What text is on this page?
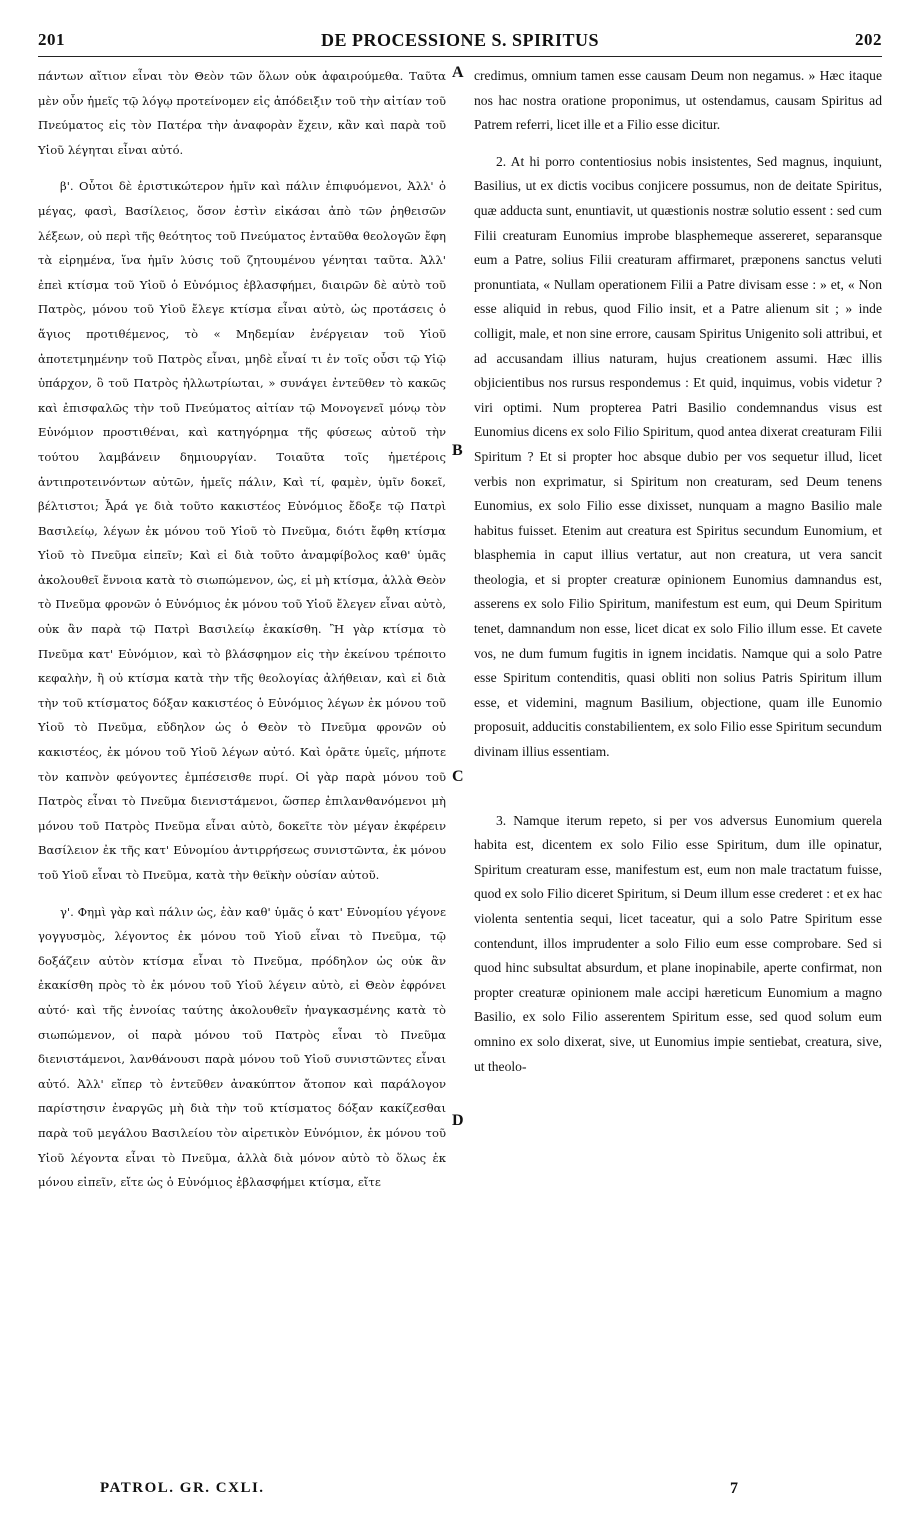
201	DE PROCESSIONE S. SPIRITUS	202

πάντων αἴτιον εἶναι τὸν Θεὸν τῶν ὅλων οὐκ ἀφαιρούμεθα. Ταῦτα μὲν οὖν ἡμεῖς τῷ λόγῳ προτείνομεν εἰς ἀπόδειξιν τοῦ τὴν αἰτίαν τοῦ Πνεύματος εἰς τὸν Πατέρα τὴν ἀναφορὰν ἔχειν, κἂν καὶ παρὰ τοῦ Υἱοῦ λέγηται εἶναι αὐτό.

β'. Οὗτοι δὲ ἐριστικώτερον ἡμῖν καὶ πάλιν ἐπιφυόμενοι, Ἀλλ' ὁ μέγας, φασὶ, Βασίλειος, ὅσον ἐστὶν εἰκάσαι ἀπὸ τῶν ῥηθεισῶν λέξεων, οὐ περὶ τῆς θεότητος τοῦ Πνεύματος ἐνταῦθα θεολογῶν ἔφη τὰ εἰρημένα, ἵνα ἡμῖν λύσις τοῦ ζητουμένου γένηται ταῦτα. Ἀλλ' ἐπεὶ κτίσμα τοῦ Υἱοῦ ὁ Εὐνόμιος ἐβλασφήμει, διαιρῶν δὲ αὐτὸ τοῦ Πατρὸς, μόνου τοῦ Υἱοῦ ἔλεγε κτίσμα εἶναι αὐτὸ, ὡς προτάσεις ὁ ἅγιος προτιθέμενος, τὸ « Μηδεμίαν ἐνέργειαν τοῦ Υἱοῦ ἀποτετμημένην τοῦ Πατρὸς εἶναι, μηδὲ εἶναί τι ἐν τοῖς οὖσι τῷ Υἱῷ ὑπάρχον, ὃ τοῦ Πατρὸς ἠλλωτρίωται, » συνάγει ἐντεῦθεν τὸ κακῶς καὶ ἐπισφαλῶς τὴν τοῦ Πνεύματος αἰτίαν τῷ Μονογενεῖ μόνῳ τὸν Εὐνόμιον προστιθέναι, καὶ κατηγόρημα τῆς φύσεως αὐτοῦ τὴν τούτου λαμβάνειν δημιουργίαν. Τοιαῦτα τοῖς ἡμετέροις ἀντιπροτεινόντων αὐτῶν, ἡμεῖς πάλιν, Καὶ τί, φαμὲν, ὑμῖν δοκεῖ, βέλτιστοι; Ἆρά γε διὰ τοῦτο κακιστέος Εὐνόμιος ἔδοξε τῷ Πατρὶ Βασιλείῳ, λέγων ἐκ μόνου τοῦ Υἱοῦ τὸ Πνεῦμα, διότι ἔφθη κτίσμα Υἱοῦ τὸ Πνεῦμα εἰπεῖν; Καὶ εἰ διὰ τοῦτο ἀναμφίβολος καθ' ὑμᾶς ἀκολουθεῖ ἔννοια κατὰ τὸ σιωπώμενον, ὡς, εἰ μὴ κτίσμα, ἀλλὰ Θεὸν τὸ Πνεῦμα φρονῶν ὁ Εὐνόμιος ἐκ μόνου τοῦ Υἱοῦ ἔλεγεν εἶναι αὐτὸ, οὐκ ἂν παρὰ τῷ Πατρὶ Βασιλείῳ ἐκακίσθη. Ἢ γὰρ κτίσμα τὸ Πνεῦμα κατ' Εὐνόμιον, καὶ τὸ βλάσφημον εἰς τὴν ἐκείνου τρέποιτο κεφαλὴν, ἢ οὐ κτίσμα κατὰ τὴν τῆς θεολογίας ἀλήθειαν, καὶ εἰ διὰ τὴν τοῦ κτίσματος δόξαν κακιστέος ὁ Εὐνόμιος λέγων ἐκ μόνου τοῦ Υἱοῦ τὸ Πνεῦμα, εὔδηλον ὡς ὁ Θεὸν τὸ Πνεῦμα φρονῶν οὐ κακιστέος, ἐκ μόνου τοῦ Υἱοῦ λέγων αὐτό. Καὶ ὁρᾶτε ὑμεῖς, μήποτε τὸν καπνὸν φεύγοντες ἐμπέσεισθε πυρί. Οἱ γὰρ παρὰ μόνου τοῦ Πατρὸς εἶναι τὸ Πνεῦμα διενιστάμενοι, ὥσπερ ἐπιλανθανόμενοι μὴ μόνου τοῦ Πατρὸς Πνεῦμα εἶναι αὐτὸ, δοκεῖτε τὸν μέγαν ἐκφέρειν Βασίλειον ἐκ τῆς κατ' Εὐνομίου ἀντιρρήσεως συνιστῶντα, ἐκ μόνου τοῦ Υἱοῦ εἶναι τὸ Πνεῦμα, κατὰ τὴν θεϊκὴν οὐσίαν αὐτοῦ.

γ'. Φημὶ γὰρ καὶ πάλιν ὡς, ἐὰν καθ' ὑμᾶς ὁ κατ' Εὐνομίου γέγονε γογγυσμὸς, λέγοντος ἐκ μόνου τοῦ Υἱοῦ εἶναι τὸ Πνεῦμα, τῷ δοξάζειν αὐτὸν κτίσμα εἶναι τὸ Πνεῦμα, πρόδηλον ὡς οὐκ ἂν ἐκακίσθη πρὸς τὸ ἐκ μόνου τοῦ Υἱοῦ λέγειν αὐτὸ, εἰ Θεὸν ἐφρόνει αὐτό· καὶ τῆς ἐννοίας ταύτης ἀκολουθεῖν ἠναγκασμένης κατὰ τὸ σιωπώμενον, οἱ παρὰ μόνου τοῦ Πατρὸς εἶναι τὸ Πνεῦμα διενιστάμενοι, λανθάνουσι παρὰ μόνου τοῦ Υἱοῦ συνιστῶντες εἶναι αὐτό. Ἀλλ' εἴπερ τὸ ἐντεῦθεν ἀνακύπτον ἄτοπον καὶ παράλογον παρίστησιν ἐναργῶς μὴ διὰ τὴν τοῦ κτίσματος δόξαν κακίζεσθαι παρὰ τοῦ μεγάλου Βασιλείου τὸν αἱρετικὸν Εὐνόμιον, ἐκ μόνου τοῦ Υἱοῦ λέγοντα εἶναι τὸ Πνεῦμα, ἀλλὰ διὰ μόνον αὐτὸ τὸ ὅλως ἐκ μόνου εἰπεῖν, εἴτε ὡς ὁ Εὐνόμιος ἐβλασφήμει κτίσμα, εἴτε

A
B
C
D

credimus, omnium tamen esse causam Deum non negamus. » Hæc itaque nos hac nostra oratione proponimus, ut ostendamus, causam Spiritus ad Patrem referri, licet ille et a Filio esse dicitur.

2. At hi porro contentiosius nobis insistentes, Sed magnus, inquiunt, Basilius, ut ex dictis vocibus conjicere possumus, non de deitate Spiritus, quæ adducta sunt, enuntiavit, ut quæstionis nostræ solutio essent : sed cum Filii creaturam Eunomius improbe blasphemeque assereret, separansque eum a Patre, solius Filii creaturam affirmaret, præponens sanctus veluti pronuntiata, « Nullam operationem Filii a Patre divisam esse : » et, « Non esse aliquid in rebus, quod Filio insit, et a Patre alienum sit ; » inde colligit, male, et non sine errore, causam Spiritus Unigenito soli attribui, et ad accusandam illius naturam, hujus creationem assumi. Hæc illis objicientibus nos rursus respondemus : Et quid, inquimus, vobis videtur ? viri optimi. Num propterea Patri Basilio condemnandus visus est Eunomius dicens ex solo Filio Spiritum, quod antea dixerat creaturam Filii Spiritum ? Et si propter hoc absque dubio per vos sequetur illud, licet verbis non exprimatur, si Spiritum non creaturam, sed Deum tenens Eunomius, ex solo Filio esse dixisset, nunquam a magno Basilio male habitus fuisset. Etenim aut creatura est Spiritus secundum Eunomium, et blasphemia in caput illius vertatur, aut non creatura, ut vera sancit theologia, et si propter creaturæ opinionem Eunomius damnandus est, asserens ex solo Filio Spiritum, manifestum est eum, qui Deum Spiritum tenet, damnandum non esse, licet dicat ex solo Filio illum esse. Et cavete vos, ne dum fumum fugitis in ignem incidatis. Namque qui a solo Patre esse Spiritum contenditis, quasi obliti non solius Patris Spiritum illum esse, et videmini, magnum Basilium, objectione, quam ille Eunomio proposuit, adducitis constabilientem, ex solo Filio esse Spiritum secundum divinam illius essentiam.

3. Namque iterum repeto, si per vos adversus Eunomium querela habita est, dicentem ex solo Filio esse Spiritum, dum ille opinatur, Spiritum creaturam esse, manifestum est, eum non male tractatum fuisse, quod ex solo Filio diceret Spiritum, si Deum illum esse crederet : et ex hac violenta sententia sequi, licet taceatur, qui a solo Patre Spiritum esse contendunt, illos imprudenter a solo Filio eum esse comprobare. Sed si quod hinc subsultat absurdum, et plane inopinabile, aperte confirmat, non propter creaturæ opinionem male accipi hæreticum Eunomium a magno Basilio, ex solo Filio asserentem Spiritum esse, sed quod solum eum omnino ex solo dixerat, sive, ut Eunomius impie sentiebat, creatura, sive, ut theolo-

PATROL. GR. CXLI.	7
